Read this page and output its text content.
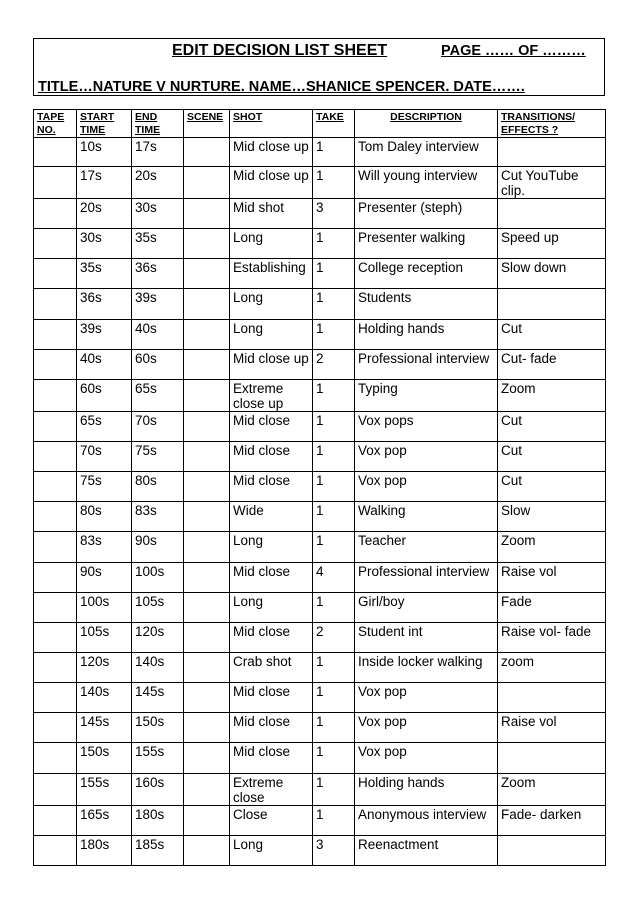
EDIT DECISION LIST SHEET	PAGE …… OF ………
TITLE…NATURE V NURTURE. NAME…SHANICE SPENCER. DATE…….
TAPE NO.	START TIME	END TIME	SCENE	SHOT	TAKE	DESCRIPTION	TRANSITIONS/ EFFECTS ?
	10s	17s		Mid close up	1	Tom Daley interview	
	17s	20s		Mid close up	1	Will young interview	Cut YouTube clip.
	20s	30s		Mid shot	3	Presenter (steph)	
	30s	35s		Long	1	Presenter walking	Speed up
	35s	36s		Establishing	1	College reception	Slow down
	36s	39s		Long	1	Students	
	39s	40s		Long	1	Holding hands	Cut
	40s	60s		Mid close up	2	Professional interview	Cut- fade
	60s	65s		Extreme close up	1	Typing	Zoom
	65s	70s		Mid close	1	Vox pops	Cut
	70s	75s		Mid close	1	Vox pop	Cut
	75s	80s		Mid close	1	Vox pop	Cut
	80s	83s		Wide	1	Walking	Slow
	83s	90s		Long	1	Teacher	Zoom
	90s	100s		Mid close	4	Professional interview	Raise vol
	100s	105s		Long	1	Girl/boy	Fade
	105s	120s		Mid close	2	Student int	Raise vol- fade
	120s	140s		Crab shot	1	Inside locker walking	zoom
	140s	145s		Mid close	1	Vox pop	
	145s	150s		Mid close	1	Vox pop	Raise vol
	150s	155s		Mid close	1	Vox pop	
	155s	160s		Extreme close	1	Holding hands	Zoom
	165s	180s		Close	1	Anonymous interview	Fade- darken
	180s	185s		Long	3	Reenactment	
